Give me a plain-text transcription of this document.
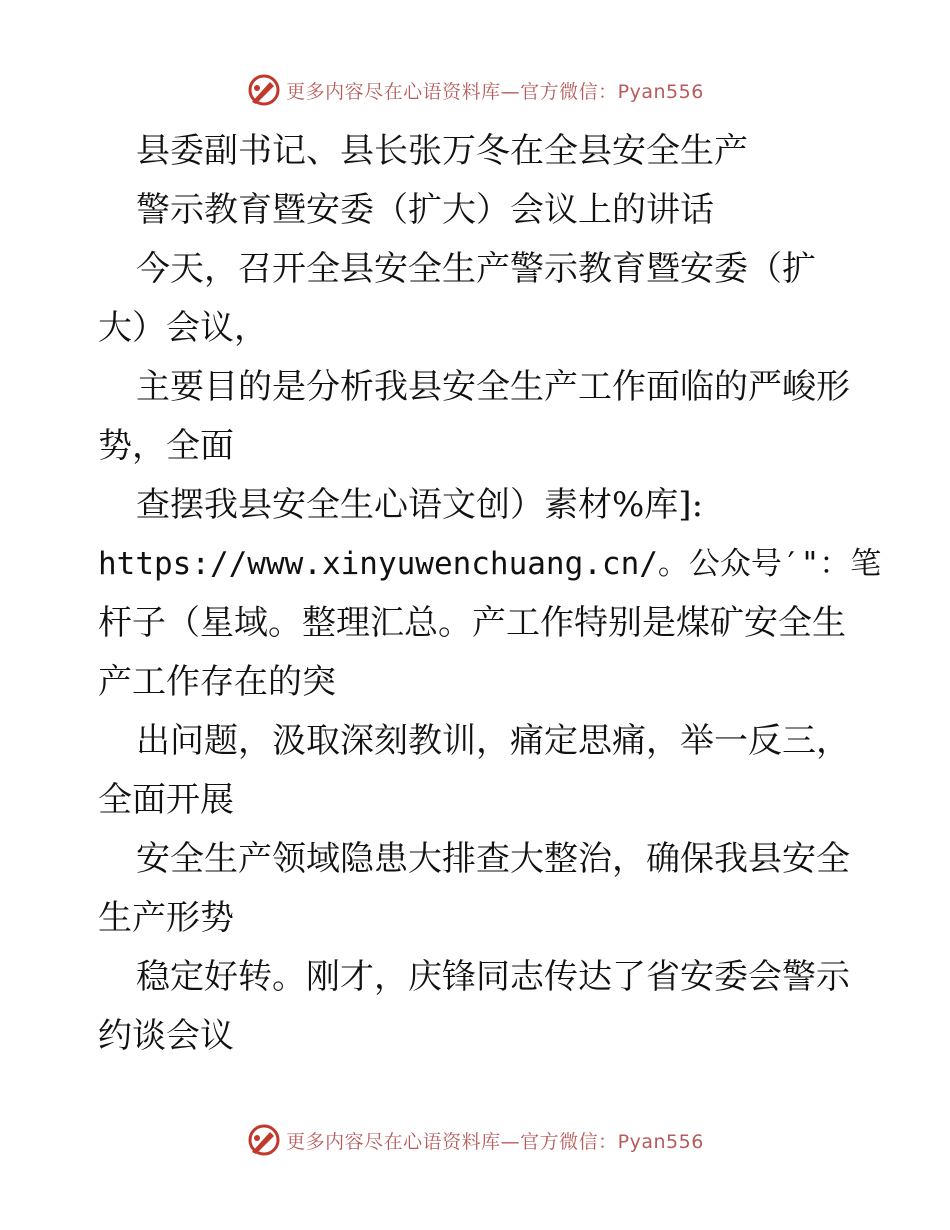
更多内容尽在心语资料库—官方微信：Pyan556
县委副书记、县长张万冬在全县安全生产
警示教育暨安委（扩大）会议上的讲话
今天，召开全县安全生产警示教育暨安委（扩
大）会议，
主要目的是分析我县安全生产工作面临的严峻形
势，全面
查摆我县安全生心语文创）素材%库]:
https://www.xinyuwenchuang.cn/。公众号′"：笔
杆子（星域。整理汇总。产工作特别是煤矿安全生
产工作存在的突
出问题，汲取深刻教训，痛定思痛，举一反三，
全面开展
安全生产领域隐患大排查大整治，确保我县安全
生产形势
稳定好转。刚才，庆锋同志传达了省安委会警示
约谈会议
更多内容尽在心语资料库—官方微信：Pyan556
